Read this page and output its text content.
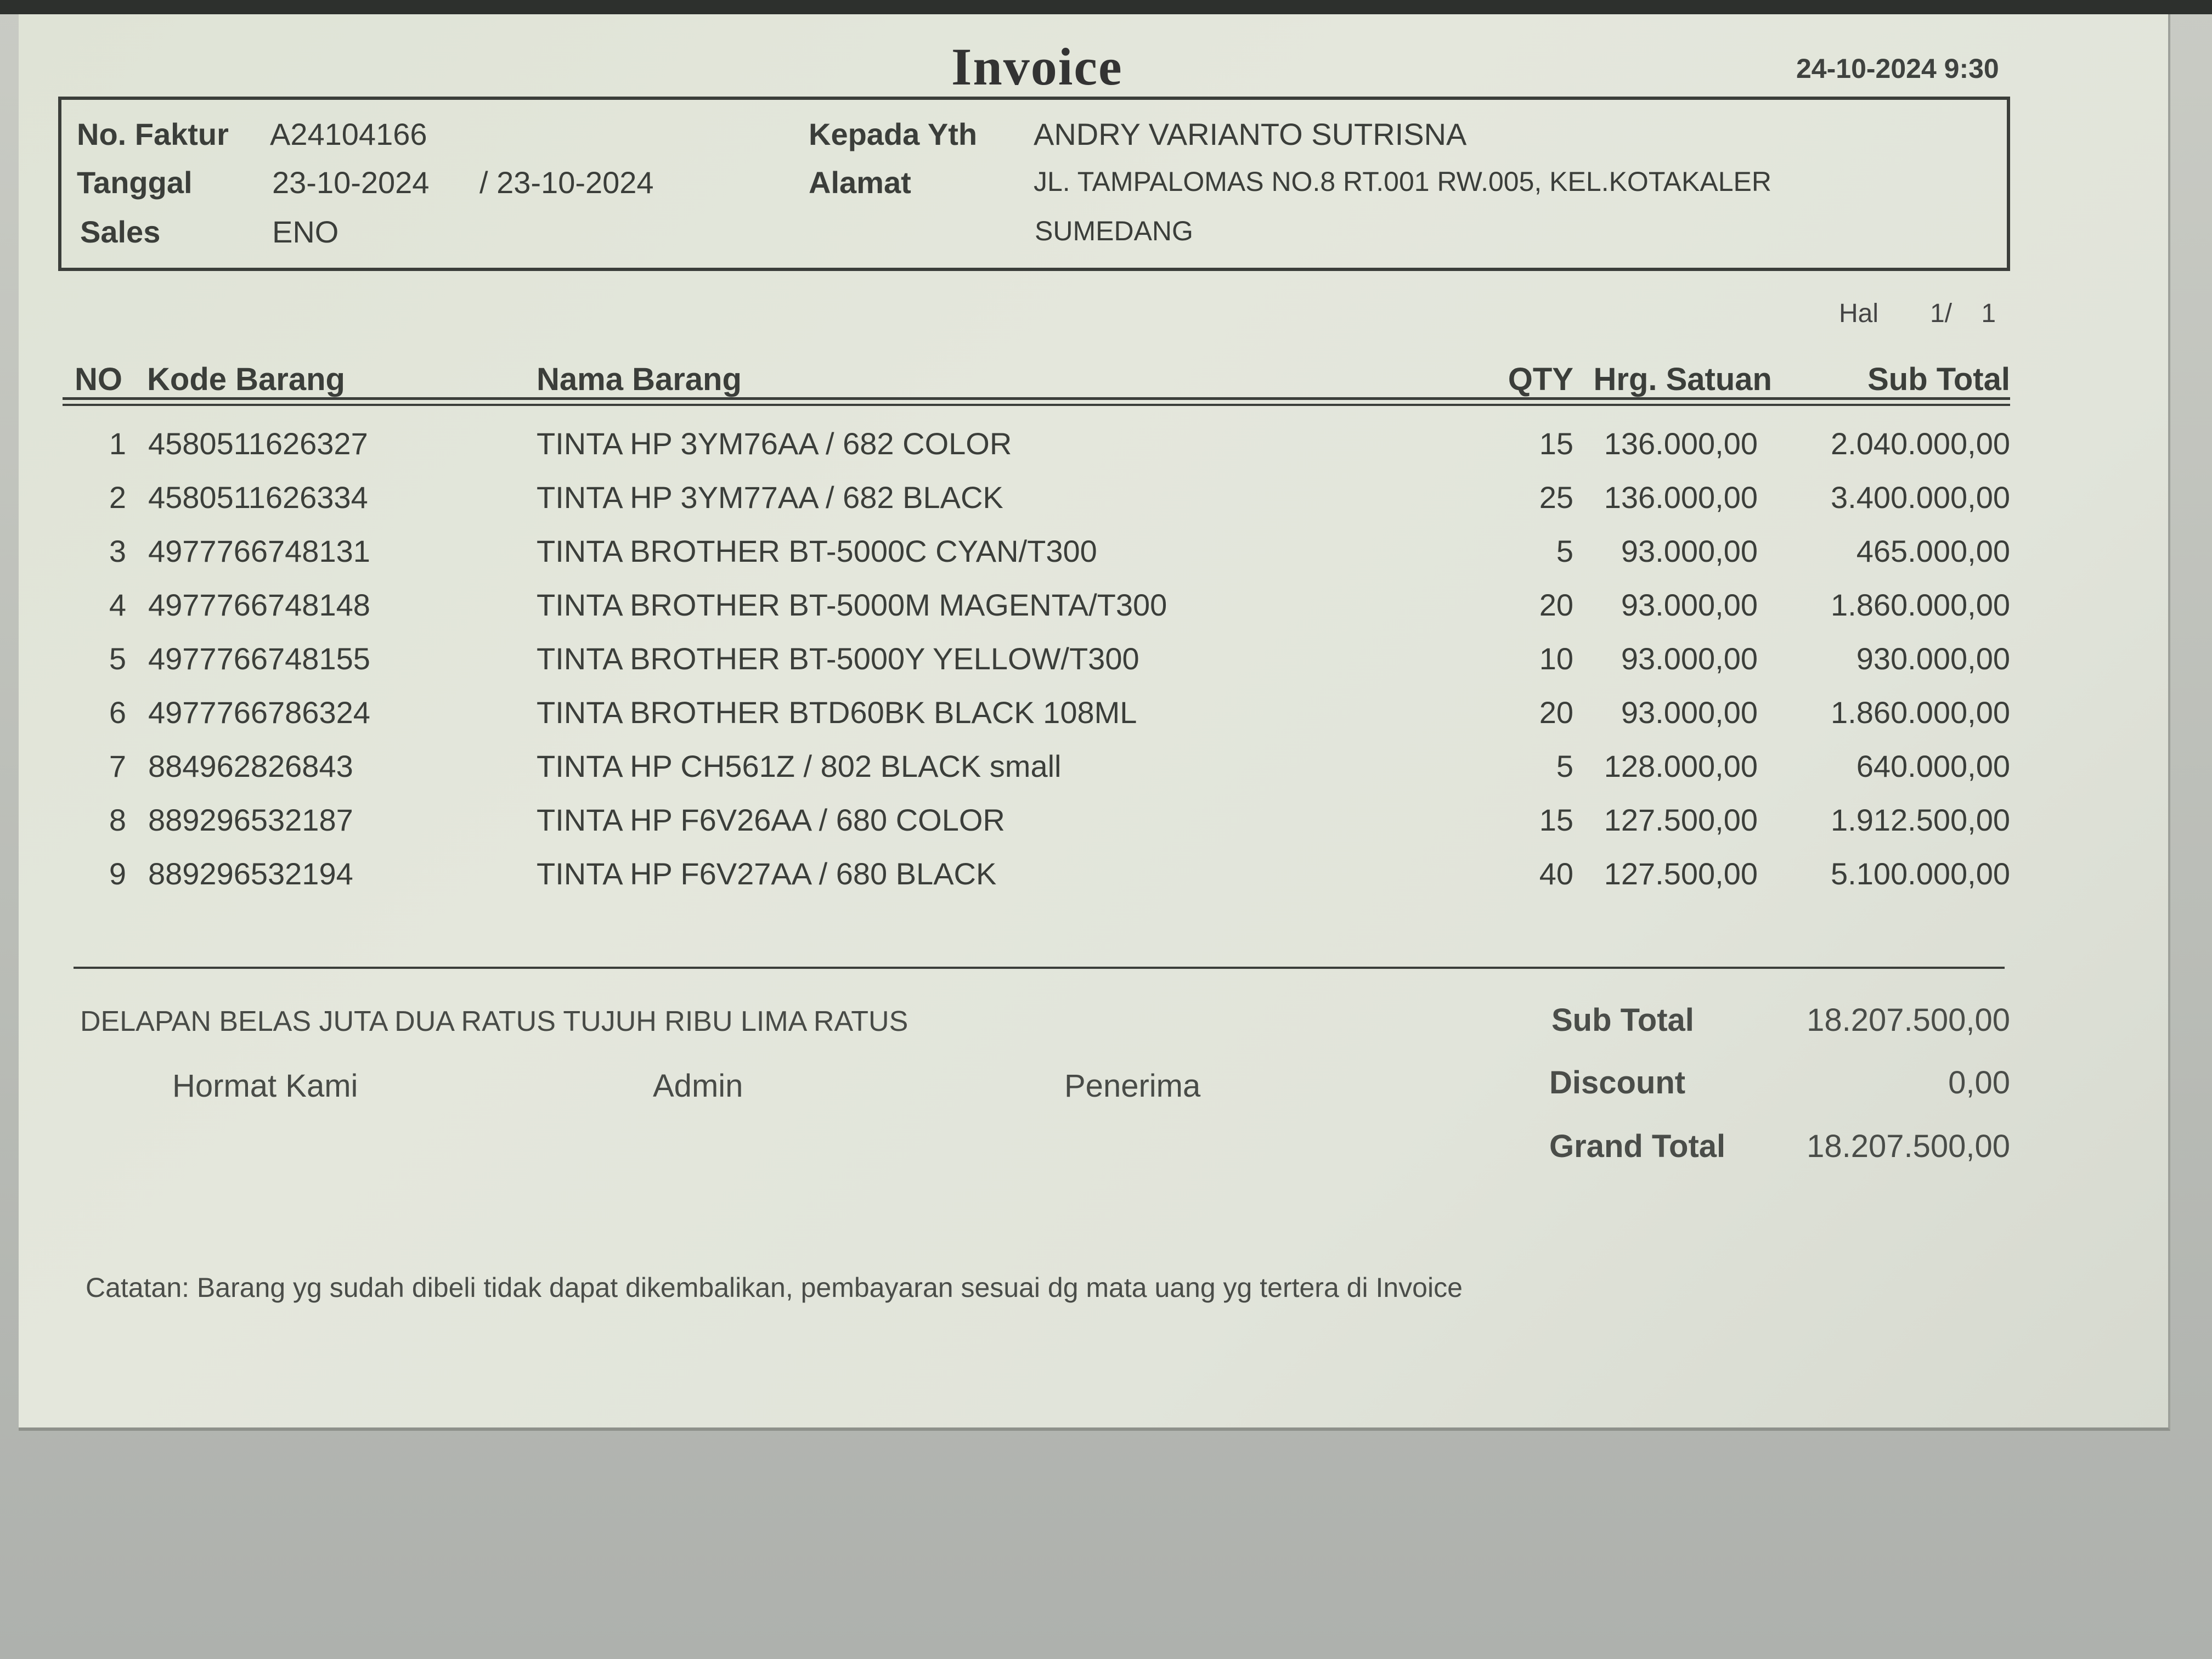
Invoice	24-10-2024 9:30
No. Faktur A24104166
Tanggal	23-10-2024 / 23-10-2024
Sales	ENO
Kepada Yth ANDRY VARIANTO SUTRISNA
Alamat	JL. TAMPALOMAS NO.8 RT.001 RW.005, KEL.KOTAKALER
SUMEDANG
Hal 1/    1
NO Kode Barang	Nama Barang	QTY Hrg. Satuan	Sub Total
1 4580511626327	TINTA HP 3YM76AA / 682 COLOR	15 136.000,00	2.040.000,00
2 4580511626334	TINTA HP 3YM77AA / 682 BLACK	25 136.000,00	3.400.000,00
3 4977766748131	TINTA BROTHER BT-5000C CYAN/T300	5	93.000,00	465.000,00
4 4977766748148	TINTA BROTHER BT-5000M MAGENTA/T300	20	93.000,00	1.860.000,00
5 4977766748155	TINTA BROTHER BT-5000Y YELLOW/T300	10	93.000,00	930.000,00
6 4977766786324	TINTA BROTHER BTD60BK BLACK 108ML	20	93.000,00	1.860.000,00
7 884962826843	TINTA HP CH561Z / 802 BLACK small	5 128.000,00	640.000,00
8 889296532187	TINTA HP F6V26AA / 680 COLOR	15 127.500,00	1.912.500,00
9 889296532194	TINTA HP F6V27AA / 680 BLACK	40 127.500,00	5.100.000,00
DELAPAN BELAS JUTA DUA RATUS TUJUH RIBU LIMA RATUS
Hormat Kami	Admin	Penerima
Sub Total	18.207.500,00
Discount	0,00
Grand Total	18.207.500,00
Catatan: Barang yg sudah dibeli tidak dapat dikembalikan, pembayaran sesuai dg mata uang yg tertera di Invoice
